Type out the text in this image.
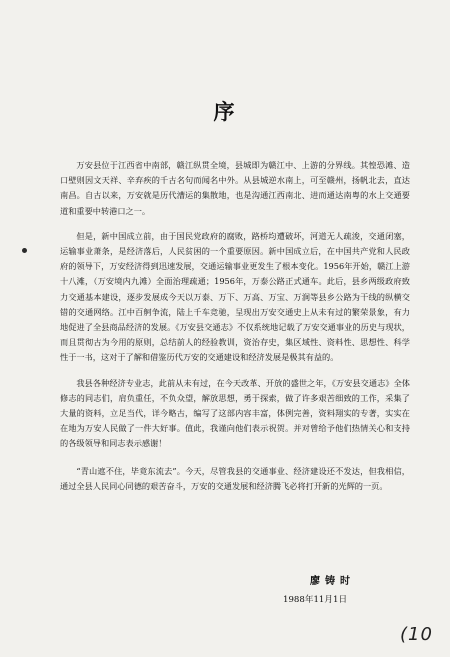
序

万安县位于江西省中南部，赣江纵贯全境，县城即为赣江中、上游的分界线。其惶恐滩、造口壁则因文天祥、辛弃疾的千古名句而闻名中外。从县城逆水南上，可至赣州，扬帆北去，直达南昌。自古以来，万安就是历代漕运的集散地，也是沟通江西南北、进而通达南粤的水上交通要道和重要中转港口之一。

但是，新中国成立前，由于国民党政府的腐败，路桥均遭破坏，河道无人疏浚，交通闭塞，运输事业萧条，是经济落后，人民贫困的一个重要原因。新中国成立后，在中国共产党和人民政府的领导下，万安经济得到迅速发展，交通运输事业更发生了根本变化。1956年开始，赣江上游十八滩，（万安境内九滩）全面治理疏通；1956年，万泰公路正式通车。此后，县乡两级政府致力交通基本建设，逐步发展成今天以万泰、万下、万高、万宝、万涧等县乡公路为干线的纵横交错的交通网络。江中百舸争流，陆上千车竞驰，呈现出万安交通史上从未有过的繁荣景象，有力地促进了全县商品经济的发展。《万安县交通志》不仅系统地记载了万安交通事业的历史与现状，而且贯彻古为今用的原则，总结前人的经验教训，资治存史，集区域性、资料性、思想性、科学性于一书，这对于了解和借鉴历代万安的交通建设和经济发展是极其有益的。

我县各种经济专业志，此前从未有过，在今天改革、开放的盛世之年，《万安县交通志》全体修志的同志们，肩负重任，不负众望，解放思想，勇于探索，做了许多艰苦细致的工作，采集了大量的资料，立足当代，详今略古，编写了这部内容丰富，体例完善，资料翔实的专著，实实在在地为万安人民做了一件大好事。值此，我谨向他们表示祝贺。并对曾给予他们热情关心和支持的各级领导和同志表示感谢！

“青山遮不住，毕竟东流去”。今天，尽管我县的交通事业、经济建设还不发达，但我相信，通过全县人民同心同德的艰苦奋斗，万安的交通发展和经济腾飞必将打开新的光辉的一页。

廖铸时
1988年11月1日
(10
